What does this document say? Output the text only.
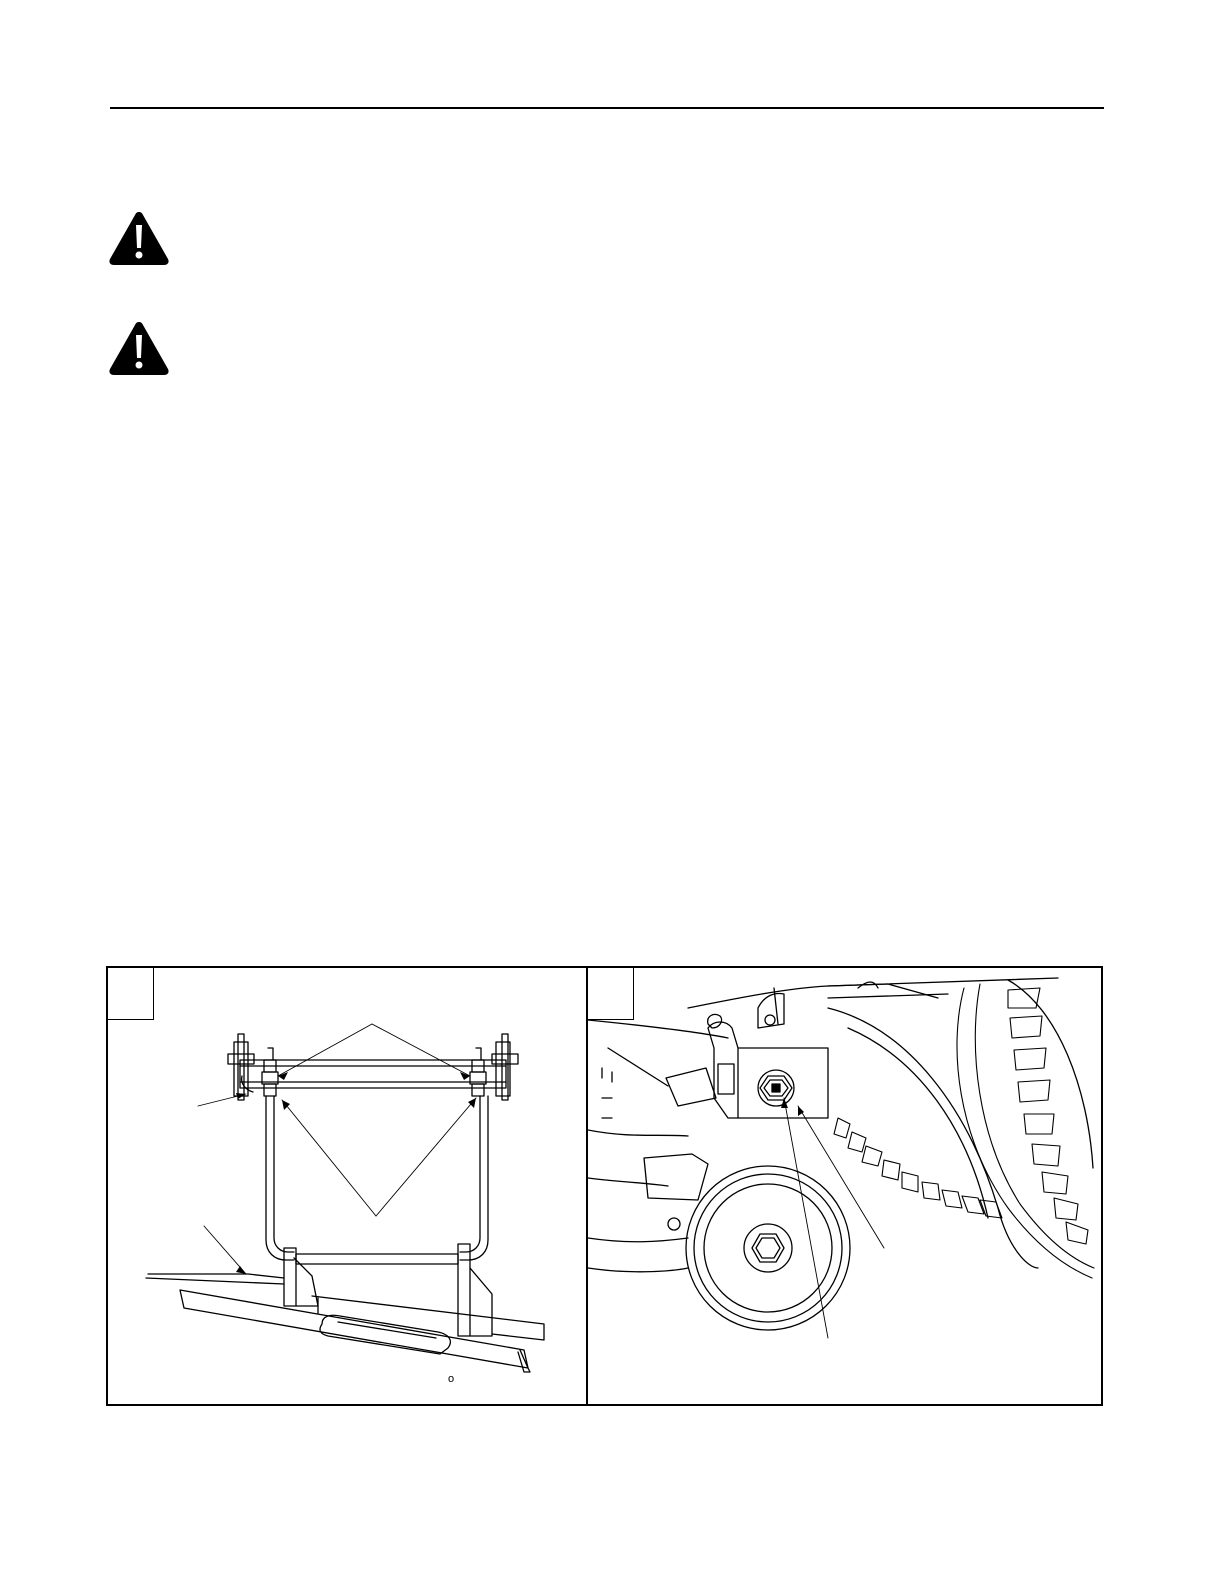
o
